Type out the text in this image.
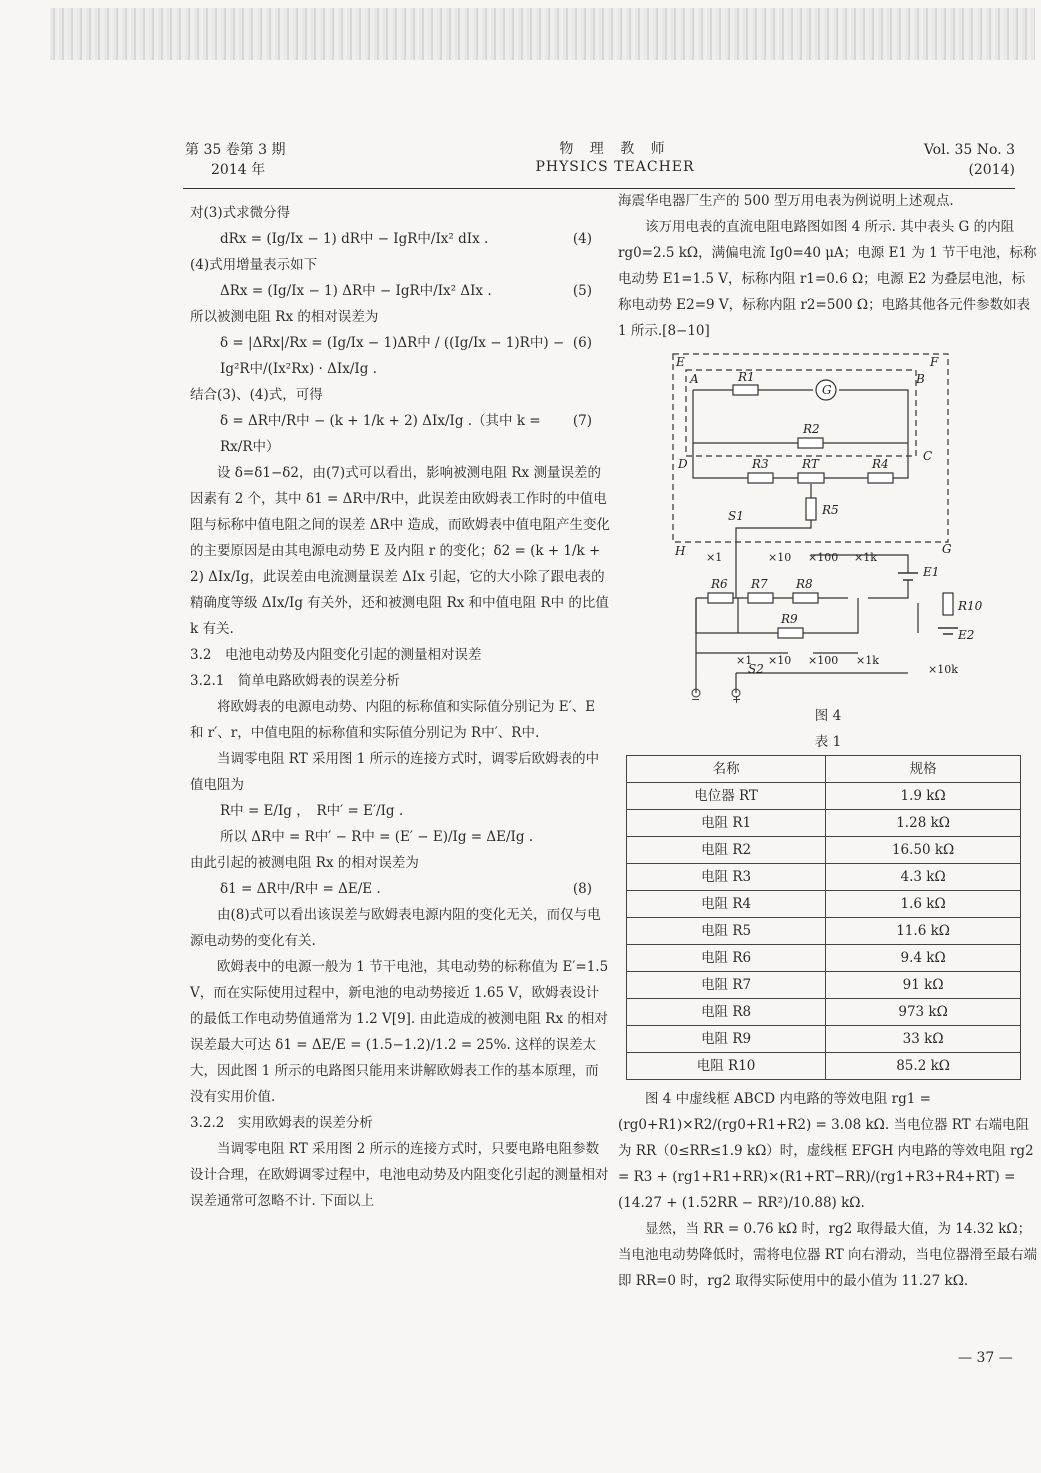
第 35 卷第 3 期
2014 年
物 理 教 师
PHYSICS TEACHER
Vol. 35 No. 3
(2014)

对(3)式求微分得

dRx = (Ig/Ix − 1) dR中 − IgR中/Ix² dIx .	(4)

(4)式用增量表示如下

ΔRx = (Ig/Ix − 1) ΔR中 − IgR中/Ix² ΔIx .	(5)

所以被测电阻 Rx 的相对误差为

δ = |ΔRx|/Rx = (Ig/Ix − 1)ΔR中 / ((Ig/Ix − 1)R中) − Ig²R中/(Ix²Rx) · ΔIx/Ig .
(6)

结合(3)、(4)式，可得

δ = ΔR中/R中 − (k + 1/k + 2) ΔIx/Ig .（其中 k = Rx/R中）
(7)

设 δ=δ1−δ2，由(7)式可以看出，影响被测电阻 Rx 测量误差的因素有 2 个，其中 δ1 = ΔR中/R中，此误差由欧姆表工作时的中值电阻与标称中值电阻之间的误差 ΔR中 造成，而欧姆表中值电阻产生变化的主要原因是由其电源电动势 E 及内阻 r 的变化；δ2 = (k + 1/k + 2) ΔIx/Ig，此误差由电流测量误差 ΔIx 引起，它的大小除了跟电表的精确度等级 ΔIx/Ig 有关外，还和被测电阻 Rx 和中值电阻 R中 的比值 k 有关.

3.2　电池电动势及内阻变化引起的测量相对误差

3.2.1　简单电路欧姆表的误差分析

将欧姆表的电源电动势、内阻的标称值和实际值分别记为 E′、E 和 r′、r，中值电阻的标称值和实际值分别记为 R中′、R中.

当调零电阻 RT 采用图 1 所示的连接方式时，调零后欧姆表的中值电阻为

R中 = E/Ig ，　R中′ = E′/Ig .

所以 ΔR中 = R中′ − R中 = (E′ − E)/Ig = ΔE/Ig .

由此引起的被测电阻 Rx 的相对误差为

δ1 = ΔR中/R中 = ΔE/E .	(8)

由(8)式可以看出该误差与欧姆表电源内阻的变化无关，而仅与电源电动势的变化有关.

欧姆表中的电源一般为 1 节干电池，其电动势的标称值为 E′=1.5 V，而在实际使用过程中，新电池的电动势接近 1.65 V，欧姆表设计的最低工作电动势值通常为 1.2 V[9]. 由此造成的被测电阻 Rx 的相对误差最大可达 δ1 = ΔE/E = (1.5−1.2)/1.2 = 25%. 这样的误差太大，因此图 1 所示的电路图只能用来讲解欧姆表工作的基本原理，而没有实用价值.

3.2.2　实用欧姆表的误差分析

当调零电阻 RT 采用图 2 所示的连接方式时，只要电路电阻参数设计合理，在欧姆调零过程中，电池电动势及内阻变化引起的测量相对误差通常可忽略不计. 下面以上

海震华电器厂生产的 500 型万用电表为例说明上述观点.

该万用电表的直流电阻电路图如图 4 所示. 其中表头 G 的内阻 rg0=2.5 kΩ，满偏电流 Ig0=40 μA；电源 E1 为 1 节干电池，标称电动势 E1=1.5 V，标称内阻 r1=0.6 Ω；电源 E2 为叠层电池，标称电动势 E2=9 V，标称内阻 r2=500 Ω；电路其他各元件参数如表 1 所示.[8−10]

E	F
A	B
C
D
G
H
G
R1
R2
R3	RT	R4
R5
R6 R7 R8
R9
R10
E1
E2
S1
S2
×1	×10 ×100 ×1k
×1 ×10 ×100 ×1k
×10k
−	+

图 4

表 1

名称	规格
电位器 RT	1.9 kΩ
电阻 R1	1.28 kΩ
电阻 R2	16.50 kΩ
电阻 R3	4.3 kΩ
电阻 R4	1.6 kΩ
电阻 R5	11.6 kΩ
电阻 R6	9.4 kΩ
电阻 R7	91 kΩ
电阻 R8	973 kΩ
电阻 R9	33 kΩ
电阻 R10	85.2 kΩ

图 4 中虚线框 ABCD 内电路的等效电阻 rg1 = (rg0+R1)×R2/(rg0+R1+R2) = 3.08 kΩ. 当电位器 RT 右端电阻为 RR（0≤RR≤1.9 kΩ）时，虚线框 EFGH 内电路的等效电阻 rg2 = R3 + (rg1+R1+RR)×(R1+RT−RR)/(rg1+R3+R4+RT) = (14.27 + (1.52RR − RR²)/10.88) kΩ.

显然，当 RR = 0.76 kΩ 时，rg2 取得最大值，为 14.32 kΩ；当电池电动势降低时，需将电位器 RT 向右滑动，当电位器滑至最右端即 RR=0 时，rg2 取得实际使用中的最小值为 11.27 kΩ.

— 37 —
